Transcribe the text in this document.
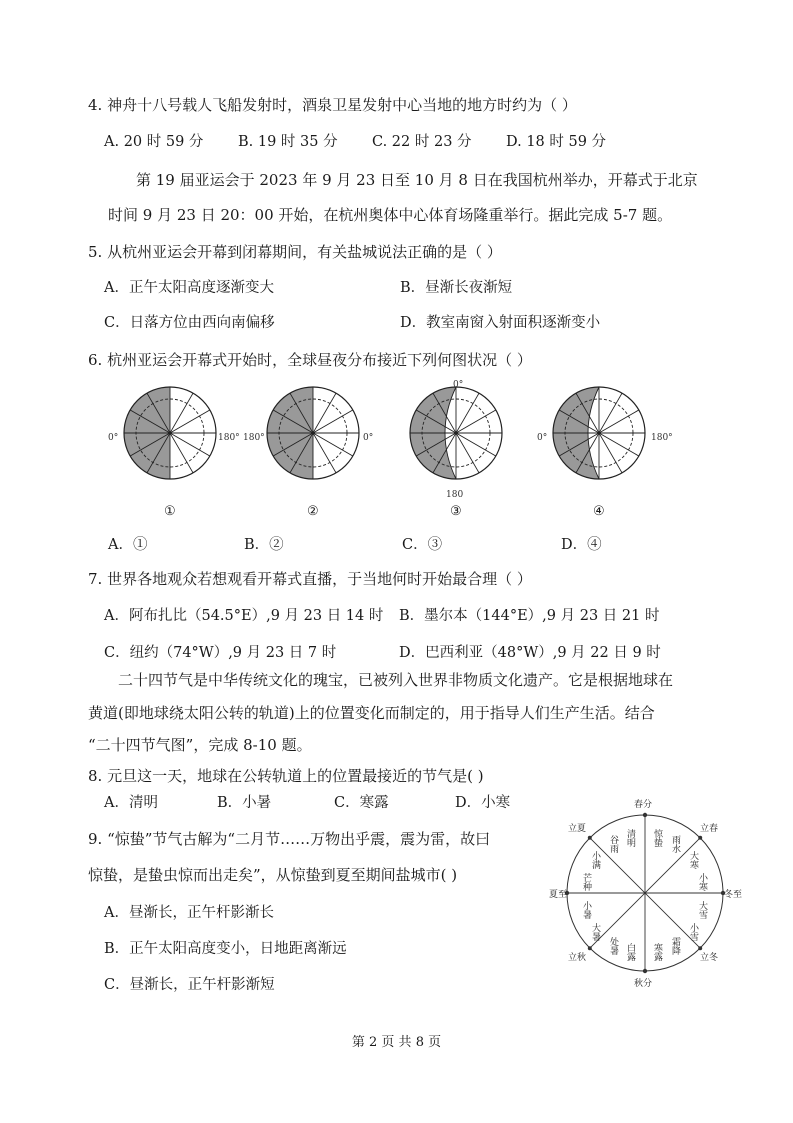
4. 神舟十八号载人飞船发射时，酒泉卫星发射中心当地的地方时约为（ ）
A. 20 时 59 分 B. 19 时 35 分 C. 22 时 23 分 D. 18 时 59 分
第 19 届亚运会于 2023 年 9 月 23 日至 10 月 8 日在我国杭州举办，开幕式于北京
时间 9 月 23 日 20：00 开始，在杭州奥体中心体育场隆重举行。据此完成 5-7 题。
5. 从杭州亚运会开幕到闭幕期间，有关盐城说法正确的是（ ）
A．正午太阳高度逐渐变大	B．昼渐长夜渐短
C．日落方位由西向南偏移	D．教室南窗入射面积逐渐变小
6. 杭州亚运会开幕式开始时，全球昼夜分布接近下列何图状况（ ）
0°	180°
①
180°	0°
②
0°
180
③
0°	180°
④
A．①	B．②	C．③	D．④
7. 世界各地观众若想观看开幕式直播，于当地何时开始最合理（ ）
A．阿布扎比（54.5°E）,9 月 23 日 14 时 B．墨尔本（144°E）,9 月 23 日 21 时
C．纽约（74°W）,9 月 23 日 7 时	D．巴西利亚（48°W）,9 月 22 日 9 时
二十四节气是中华传统文化的瑰宝，已被列入世界非物质文化遗产。它是根据地球在
黄道(即地球绕太阳公转的轨道)上的位置变化而制定的，用于指导人们生产生活。结合
“二十四节气图”，完成 8-10 题。
8. 元旦这一天，地球在公转轨道上的位置最接近的节气是( )
A．清明	B．小暑	C．寒露	D．小寒
9. “惊蛰”节气古解为“二月节……万物出乎震，震为雷，故曰
惊蛰，是蛰虫惊而出走矣”，从惊蛰到夏至期间盐城市( )
A．昼渐长，正午杆影渐长
B．正午太阳高度变小，日地距离渐远
C．昼渐长，正午杆影渐短
春分
冬至
秋分
夏至
立春
立冬
立秋
立夏	清明
谷雨	惊蛰 雨水
大寒
小寒
大雪
小雪
霜降
寒露
白露
处暑
大暑
小暑
芒种
小满
第 2 页 共 8 页
